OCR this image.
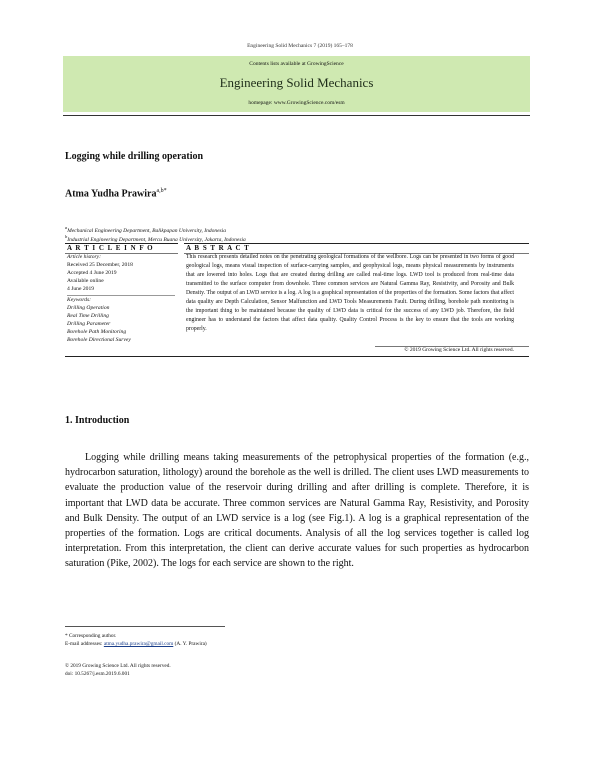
Engineering Solid Mechanics 7 (2019) 165–178
Contents lists available at GrowingScience
Engineering Solid Mechanics
homepage: www.GrowingScience.com/esm
Logging while drilling operation
Atma Yudha Prawira$^{a,b*}$
$^a$Mechanical Engineering Department, Balikpapan University, Indonesia
$^b$Industrial Engineering Department, Mercu Buana University, Jakarta, Indonesia
A R T I C L E I N F O	A B S T R A C T
Article history:
Received 25 December, 2018
Accepted 4 June 2019
Available online
4 June 2019
Keywords:
Drilling Operation
Real Time Drilling
Drilling Parameter
Borehole Path Monitoring
Borehole Directional Survey
This research presents detailed notes on the penetrating geological formations of the wellbore. Logs can be presented in two forms of good geological logs, means visual inspection of surface-carrying samples, and geophysical logs, means physical measurements by instruments that are lowered into holes. Logs that are created during drilling are called real-time logs. LWD tool is produced from real-time data transmitted to the surface computer from downhole. Three common services are Natural Gamma Ray, Resistivity, and Porosity and Bulk Density. The output of an LWD service is a log. A log is a graphical representation of the properties of the formation. Some factors that affect data quality are Depth Calculation, Sensor Malfunction and LWD Tools Measurements Fault. During drilling, borehole path monitoring is the important thing to be maintained because the quality of LWD data is critical for the success of any LWD job. Therefore, the field engineer has to understand the factors that affect data quality. Quality Control Process is the key to ensure that the tools are working properly.
© 2019 Growing Science Ltd. All rights reserved.
1. Introduction

Logging while drilling means taking measurements of the petrophysical properties of the formation (e.g., hydrocarbon saturation, lithology) around the borehole as the well is drilled. The client uses LWD measurements to evaluate the production value of the reservoir during drilling and after drilling is complete. Therefore, it is important that LWD data be accurate. Three common services are Natural Gamma Ray, Resistivity, and Porosity and Bulk Density. The output of an LWD service is a log (see Fig.1). A log is a graphical representation of the properties of the formation. Logs are critical documents. Analysis of all the log services together is called log interpretation. From this interpretation, the client can derive accurate values for such properties as hydrocarbon saturation (Pike, 2002). The logs for each service are shown to the right.

* Corresponding author.
E-mail addresses: atma.yudha.prawira@gmail.com (A. Y. Prawira)
© 2019 Growing Science Ltd. All rights reserved.
doi: 10.5267/j.esm.2019.6.001
